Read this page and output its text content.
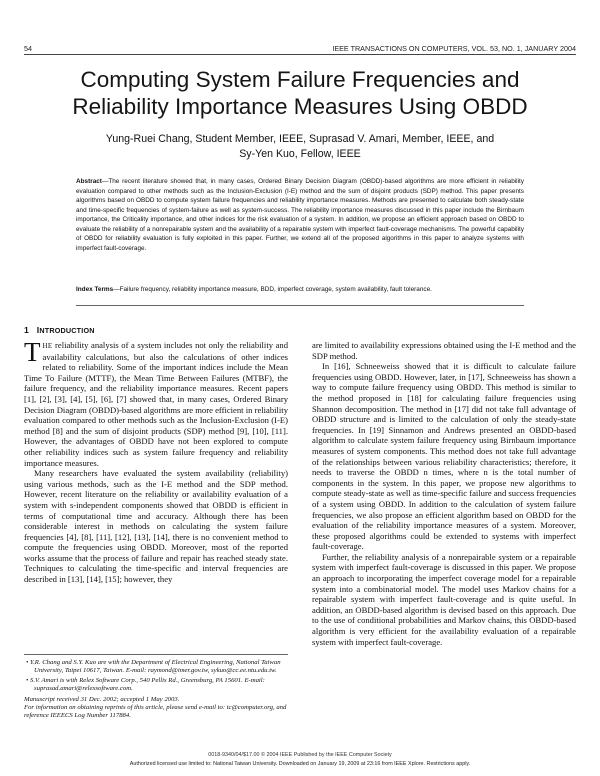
54	IEEE TRANSACTIONS ON COMPUTERS, VOL. 53, NO. 1, JANUARY 2004
Computing System Failure Frequencies and
Reliability Importance Measures Using OBDD
Yung-Ruei Chang, Student Member, IEEE, Suprasad V. Amari, Member, IEEE, and
Sy-Yen Kuo, Fellow, IEEE
Abstract—The recent literature showed that, in many cases, Ordered Binary Decision Diagram (OBDD)-based algorithms are more efficient in reliability evaluation compared to other methods such as the Inclusion-Exclusion (I-E) method and the sum of disjoint products (SDP) method. This paper presents algorithms based on OBDD to compute system failure frequencies and reliability importance measures. Methods are presented to calculate both steady-state and time-specific frequencies of system-failure as well as system-success. The reliability importance measures discussed in this paper include the Birnbaum importance, the Criticality importance, and other indices for the risk evaluation of a system. In addition, we propose an efficient approach based on OBDD to evaluate the reliability of a nonrepairable system and the availability of a repairable system with imperfect fault-coverage mechanisms. The powerful capability of OBDD for reliability evaluation is fully exploited in this paper. Further, we extend all of the proposed algorithms in this paper to analyze systems with imperfect fault-coverage.
Index Terms—Failure frequency, reliability importance measure, BDD, imperfect coverage, system availability, fault tolerance.
1 INTRODUCTION

THE reliability analysis of a system includes not only the reliability and availability calculations, but also the calculations of other indices related to reliability. Some of the important indices include the Mean Time To Failure (MTTF), the Mean Time Between Failures (MTBF), the failure frequency, and the reliability importance measures. Recent papers [1], [2], [3], [4], [5], [6], [7] showed that, in many cases, Ordered Binary Decision Diagram (OBDD)-based algorithms are more efficient in reliability evaluation compared to other methods such as the Inclusion-Exclusion (I-E) method [8] and the sum of disjoint products (SDP) method [9], [10], [11]. However, the advantages of OBDD have not been explored to compute other reliability indices such as system failure frequency and reliability importance measures.

Many researchers have evaluated the system availability (reliability) using various methods, such as the I-E method and the SDP method. However, recent literature on the reliability or availability evaluation of a system with s-independent components showed that OBDD is efficient in terms of computational time and accuracy. Although there has been considerable interest in methods on calculating the system failure frequencies [4], [8], [11], [12], [13], [14], there is no convenient method to compute the frequencies using OBDD. Moreover, most of the reported works assume that the process of failure and repair has reached steady state. Techniques to calculating the time-specific and interval frequencies are described in [13], [14], [15]; however, they

are limited to availability expressions obtained using the I-E method and the SDP method.

In [16], Schneeweiss showed that it is difficult to calculate failure frequencies using OBDD. However, later, in [17], Schneeweiss has shown a way to compute failure frequency using OBDD. This method is similar to the method proposed in [18] for calculating failure frequencies using Shannon decomposition. The method in [17] did not take full advantage of OBDD structure and is limited to the calculation of only the steady-state frequencies. In [19] Sinnamon and Andrews presented an OBDD-based algorithm to calculate system failure frequency using Birnbaum importance measures of system components. This method does not take full advantage of the relationships between various reliability characteristics; therefore, it needs to traverse the OBDD n times, where n is the total number of components in the system. In this paper, we propose new algorithms to compute steady-state as well as time-specific failure and success frequencies of a system using OBDD. In addition to the calculation of system failure frequencies, we also propose an efficient algorithm based on OBDD for the evaluation of the reliability importance measures of a system. Moreover, these proposed algorithms could be extended to systems with imperfect fault-coverage.

Further, the reliability analysis of a nonrepairable system or a repairable system with imperfect fault-coverage is discussed in this paper. We propose an approach to incorporating the imperfect coverage model for a repairable system into a combinatorial model. The model uses Markov chains for a repairable system with imperfect fault-coverage and is quite useful. In addition, an OBDD-based algorithm is devised based on this approach. Due to the use of conditional probabilities and Markov chains, this OBDD-based algorithm is very efficient for the availability evaluation of a repairable system with imperfect fault-coverage.

• Y.R. Chang and S.Y. Kuo are with the Department of Electrical Engineering, National Taiwan University, Taipei 10617, Taiwan. E-mail: raymond@imer.gov.tw, sykuo@cc.ee.ntu.edu.tw.
• S.V. Amari is with Relex Software Corp., 540 Pellis Rd., Greensburg, PA 15601. E-mail: suprasad.amari@relexsoftware.com.
Manuscript received 31 Dec. 2002; accepted 1 May 2003.
For information on obtaining reprints of this article, please send e-mail to: tc@computer.org, and reference IEEECS Log Number 117884.
0018-9340/04/$17.00 © 2004 IEEE Published by the IEEE Computer Society
Authorized licensed use limited to: National Taiwan University. Downloaded on January 19, 2009 at 23:16 from IEEE Xplore. Restrictions apply.
